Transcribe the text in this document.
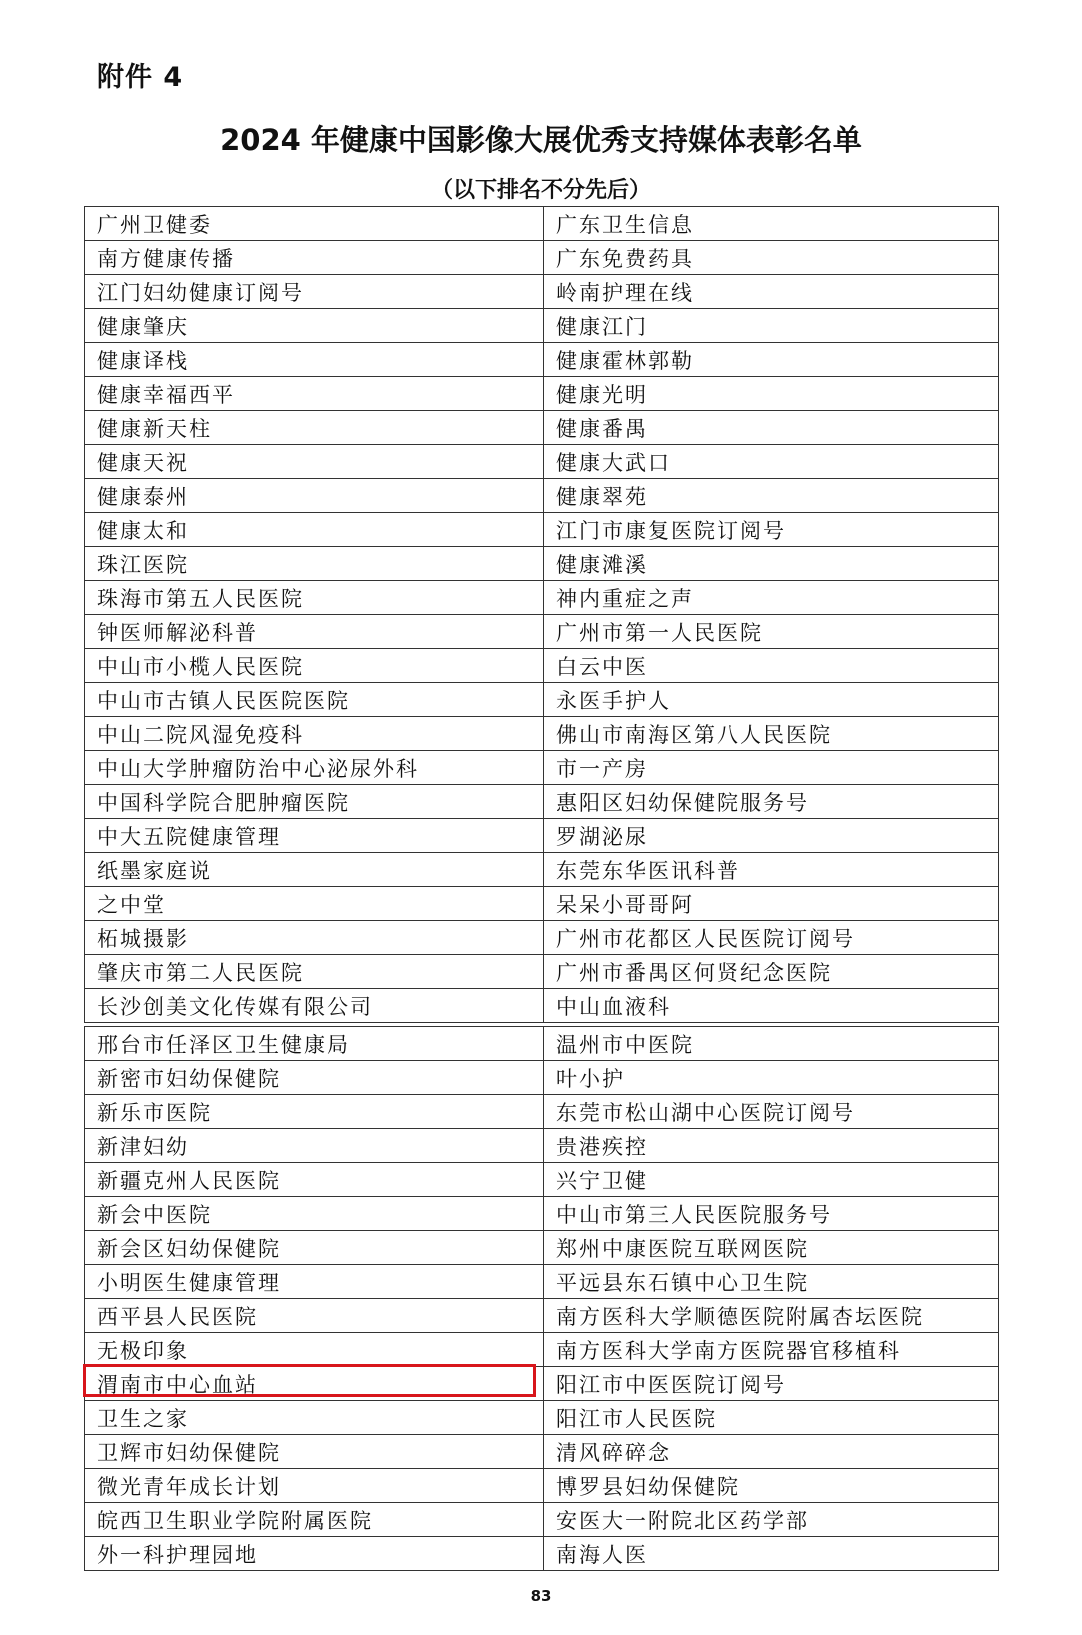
附件 4
2024 年健康中国影像大展优秀支持媒体表彰名单
（以下排名不分先后）
广州卫健委	广东卫生信息
南方健康传播	广东免费药具
江门妇幼健康订阅号	岭南护理在线
健康肇庆	健康江门
健康译栈	健康霍林郭勒
健康幸福西平	健康光明
健康新天柱	健康番禺
健康天祝	健康大武口
健康泰州	健康翠苑
健康太和	江门市康复医院订阅号
珠江医院	健康滩溪
珠海市第五人民医院	神内重症之声
钟医师解泌科普	广州市第一人民医院
中山市小榄人民医院	白云中医
中山市古镇人民医院医院	永医手护人
中山二院风湿免疫科	佛山市南海区第八人民医院
中山大学肿瘤防治中心泌尿外科	市一产房
中国科学院合肥肿瘤医院	惠阳区妇幼保健院服务号
中大五院健康管理	罗湖泌尿
纸墨家庭说	东莞东华医讯科普
之中堂	呆呆小哥哥阿
柘城摄影	广州市花都区人民医院订阅号
肇庆市第二人民医院	广州市番禺区何贤纪念医院
长沙创美文化传媒有限公司	中山血液科
邢台市任泽区卫生健康局	温州市中医院
新密市妇幼保健院	叶小护
新乐市医院	东莞市松山湖中心医院订阅号
新津妇幼	贵港疾控
新疆克州人民医院	兴宁卫健
新会中医院	中山市第三人民医院服务号
新会区妇幼保健院	郑州中康医院互联网医院
小明医生健康管理	平远县东石镇中心卫生院
西平县人民医院	南方医科大学顺德医院附属杏坛医院
无极印象	南方医科大学南方医院器官移植科
渭南市中心血站	阳江市中医医院订阅号
卫生之家	阳江市人民医院
卫辉市妇幼保健院	清风碎碎念
微光青年成长计划	博罗县妇幼保健院
皖西卫生职业学院附属医院	安医大一附院北区药学部
外一科护理园地	南海人医
83
